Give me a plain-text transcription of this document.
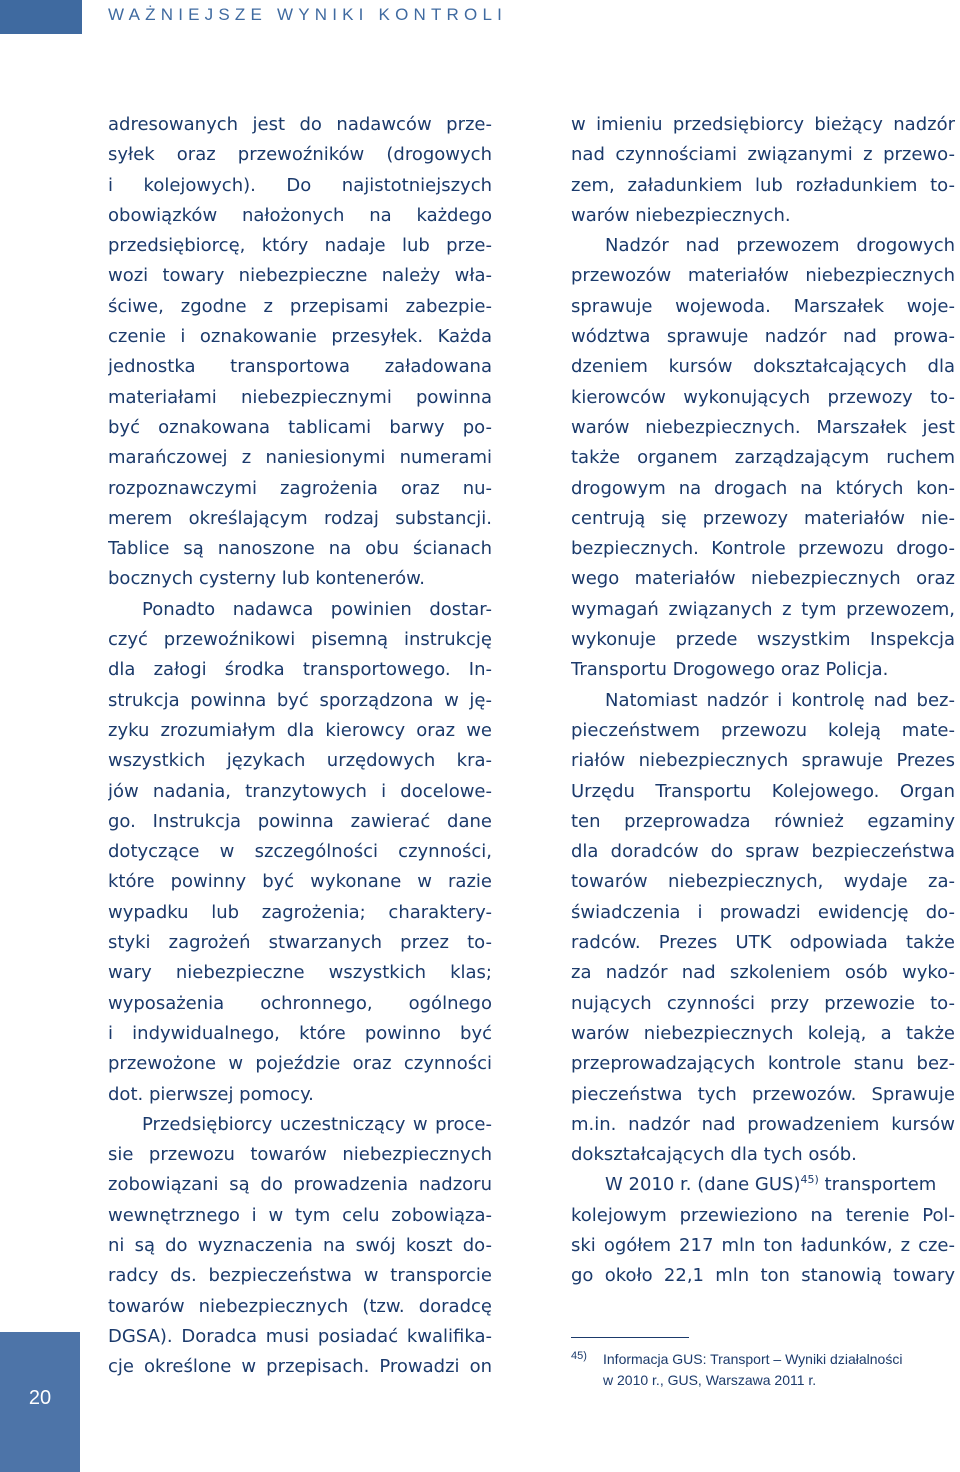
WAŻNIEJSZE WYNIKI KONTROLI
20
adresowanych jest do nadawców prze-
syłek oraz przewoźników (drogowych
i kolejowych). Do najistotniejszych
obowiązków nałożonych na każdego
przedsiębiorcę, który nadaje lub prze-
wozi towary niebezpieczne należy wła-
ściwe, zgodne z przepisami zabezpie-
czenie i oznakowanie przesyłek. Każda
jednostka transportowa załadowana
materiałami niebezpiecznymi powinna
być oznakowana tablicami barwy po-
marańczowej z naniesionymi numerami
rozpoznawczymi zagrożenia oraz nu-
merem określającym rodzaj substancji.
Tablice są nanoszone na obu ścianach
bocznych cysterny lub kontenerów.
Ponadto nadawca powinien dostar-
czyć przewoźnikowi pisemną instrukcję
dla załogi środka transportowego. In-
strukcja powinna być sporządzona w ję-
zyku zrozumiałym dla kierowcy oraz we
wszystkich językach urzędowych kra-
jów nadania, tranzytowych i docelowe-
go. Instrukcja powinna zawierać dane
dotyczące w szczególności czynności,
które powinny być wykonane w razie
wypadku lub zagrożenia; charaktery-
styki zagrożeń stwarzanych przez to-
wary niebezpieczne wszystkich klas;
wyposażenia ochronnego, ogólnego
i indywidualnego, które powinno być
przewożone w pojeździe oraz czynności
dot. pierwszej pomocy.
Przedsiębiorcy uczestniczący w proce-
sie przewozu towarów niebezpiecznych
zobowiązani są do prowadzenia nadzoru
wewnętrznego i w tym celu zobowiąza-
ni są do wyznaczenia na swój koszt do-
radcy ds. bezpieczeństwa w transporcie
towarów niebezpiecznych (tzw. doradcę
DGSA). Doradca musi posiadać kwalifika-
cje określone w przepisach. Prowadzi on
w imieniu przedsiębiorcy bieżący nadzór
nad czynnościami związanymi z przewo-
zem, załadunkiem lub rozładunkiem to-
warów niebezpiecznych.
Nadzór nad przewozem drogowych
przewozów materiałów niebezpiecznych
sprawuje wojewoda. Marszałek woje-
wództwa sprawuje nadzór nad prowa-
dzeniem kursów dokształcających dla
kierowców wykonujących przewozy to-
warów niebezpiecznych. Marszałek jest
także organem zarządzającym ruchem
drogowym na drogach na których kon-
centrują się przewozy materiałów nie-
bezpiecznych. Kontrole przewozu drogo-
wego materiałów niebezpiecznych oraz
wymagań związanych z tym przewozem,
wykonuje przede wszystkim Inspekcja
Transportu Drogowego oraz Policja.
Natomiast nadzór i kontrolę nad bez-
pieczeństwem przewozu koleją mate-
riałów niebezpiecznych sprawuje Prezes
Urzędu Transportu Kolejowego. Organ
ten przeprowadza również egzaminy
dla doradców do spraw bezpieczeństwa
towarów niebezpiecznych, wydaje za-
świadczenia i prowadzi ewidencję do-
radców. Prezes UTK odpowiada także
za nadzór nad szkoleniem osób wyko-
nujących czynności przy przewozie to-
warów niebezpiecznych koleją, a także
przeprowadzających kontrole stanu bez-
pieczeństwa tych przewozów. Sprawuje
m.in. nadzór nad prowadzeniem kursów
dokształcających dla tych osób.
W 2010 r. (dane GUS)$^{45)}$ transportem
kolejowym przewieziono na terenie Pol-
ski ogółem 217 mln ton ładunków, z cze-
go około 22,1 mln ton stanowią towary
45) Informacja GUS: Transport – Wyniki działalności
w 2010 r., GUS, Warszawa 2011 r.
